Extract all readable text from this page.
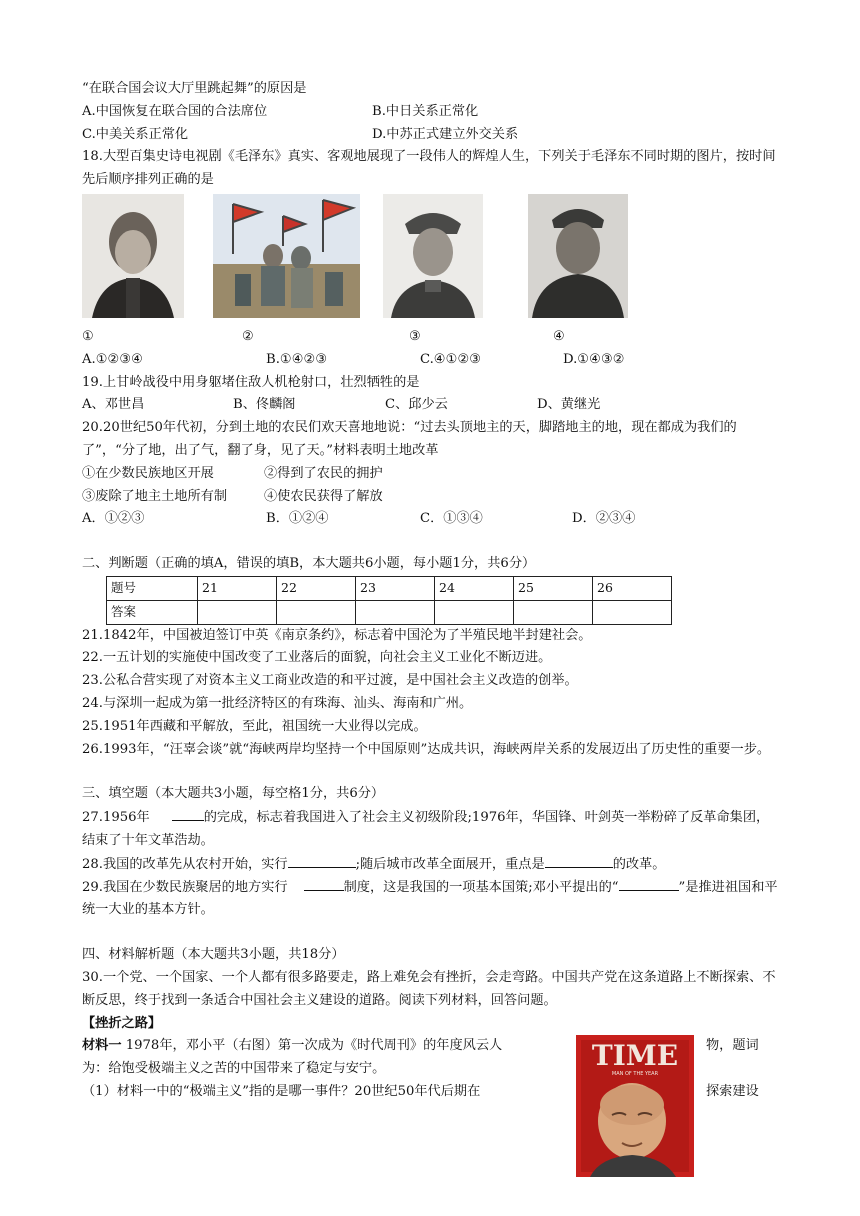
“在联合国会议大厅里跳起舞”的原因是
A.中国恢复在联合国的合法席位	B.中日关系正常化
C.中美关系正常化	D.中苏正式建立外交关系
18.大型百集史诗电视剧《毛泽东》真实、客观地展现了一段伟人的辉煌人生，下列关于毛泽东不同时期的图片，按时间先后顺序排列正确的是
①	②	③	④
A.①②③④	B.①④②③	C.④①②③	D.①④③②
19.上甘岭战役中用身躯堵住敌人机枪射口，壮烈牺牲的是
A、邓世昌	B、佟麟阁	C、邱少云	D、黄继光
20.20世纪50年代初，分到土地的农民们欢天喜地地说：“过去头顶地主的天，脚踏地主的地，现在都成为我们的了”，“分了地，出了气，翻了身，见了天。”材料表明土地改革
①在少数民族地区开展	②得到了农民的拥护
③废除了地主土地所有制	④使农民获得了解放
A．①②③	B．①②④	C．①③④	D．②③④
二、判断题（正确的填A，错误的填B，本大题共6小题，每小题1分，共6分）
题号	21	22	23	24	25	26
答案						
21.1842年，中国被迫签订中英《南京条约》，标志着中国沦为了半殖民地半封建社会。
22.一五计划的实施使中国改变了工业落后的面貌，向社会主义工业化不断迈进。
23.公私合营实现了对资本主义工商业改造的和平过渡，是中国社会主义改造的创举。
24.与深圳一起成为第一批经济特区的有珠海、汕头、海南和广州。
25.1951年西藏和平解放，至此，祖国统一大业得以完成。
26.1993年，“汪辜会谈”就“海峡两岸均坚持一个中国原则”达成共识，海峡两岸关系的发展迈出了历史性的重要一步。
三、填空题（本大题共3小题，每空格1分，共6分）
27.1956年	的完成，标志着我国进入了社会主义初级阶段;1976年，华国锋、叶剑英一举粉碎了反革命集团，结束了十年文革浩劫。
28.我国的改革先从农村开始，实行	;随后城市改革全面展开，重点是	的改革。
29.我国在少数民族聚居的地方实行	制度，这是我国的一项基本国策;邓小平提出的“	”是推进祖国和平统一大业的基本方针。
四、材料解析题（本大题共3小题，共18分）
30.一个党、一个国家、一个人都有很多路要走，路上难免会有挫折，会走弯路。中国共产党在这条道路上不断探索、不断反思，终于找到一条适合中国社会主义建设的道路。阅读下列材料，回答问题。
【挫折之路】
材料一 1978年，邓小平（右图）第一次成为《时代周刊》的年度风云人	物，题词
为：给饱受极端主义之苦的中国带来了稳定与安宁。
（1）材料一中的“极端主义”指的是哪一事件？20世纪50年代后期在	探索建设
TIME
MAN OF THE YEAR
